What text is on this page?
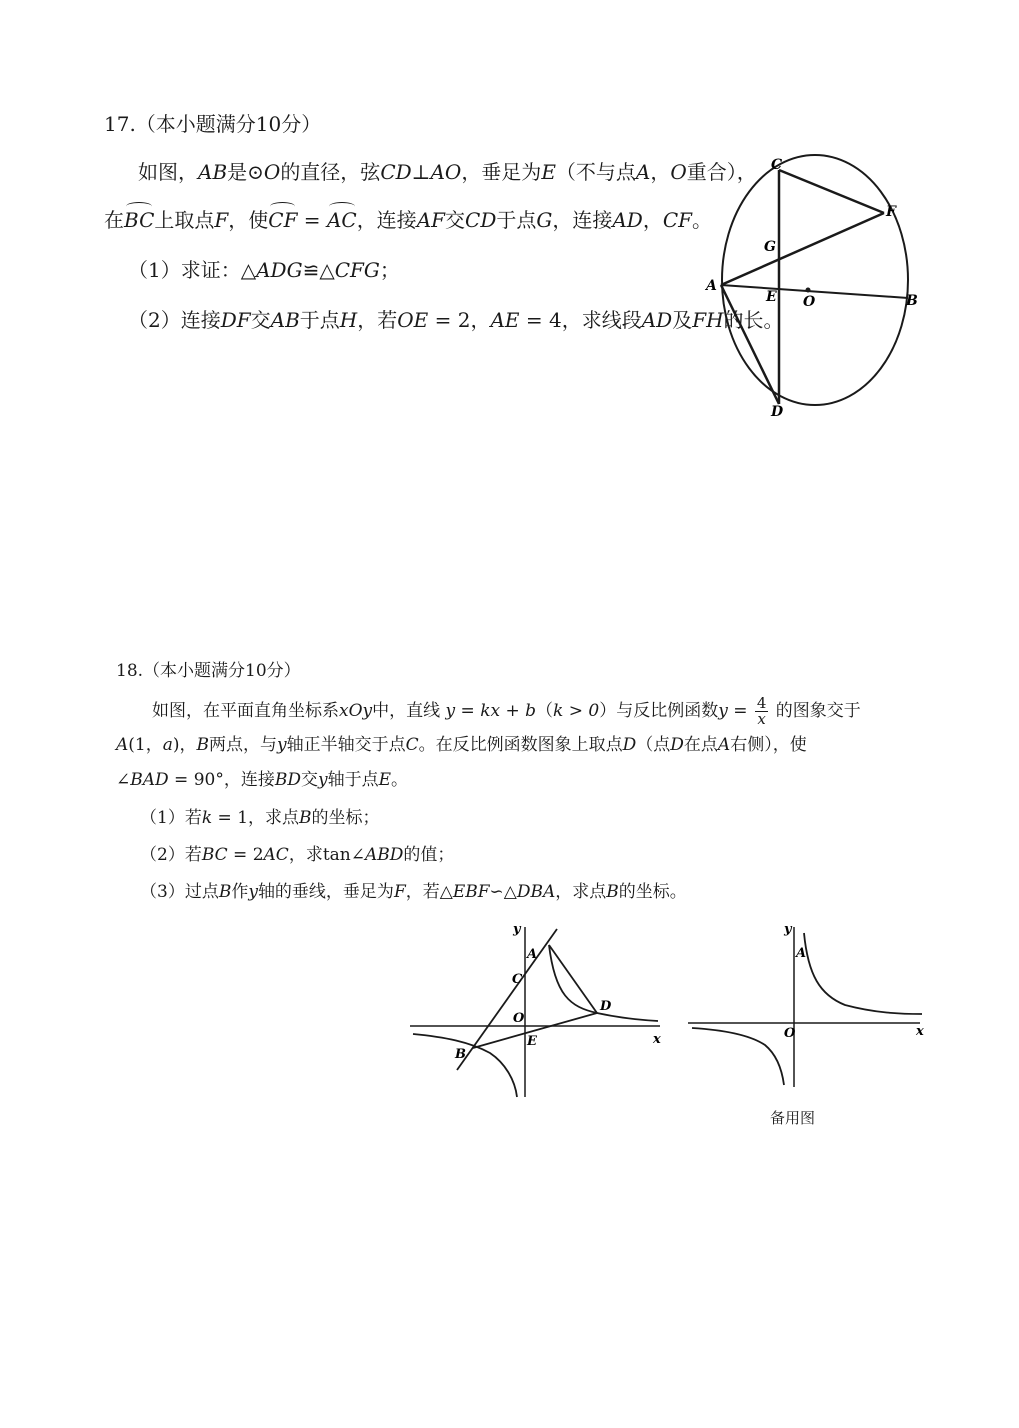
17.（本小题满分10分）
如图，AB是⊙O的直径，弦CD⊥AO，垂足为E（不与点A，O重合），
在BC上取点F，使CF = AC，连接AF交CD于点G，连接AD，CF。
（1）求证：△ADG≌△CFG；
（2）连接DF交AB于点H，若OE = 2，AE = 4，求线段AD及FH的长。
C
F
G
A
E O	B
D
18.（本小题满分10分）
如图，在平面直角坐标系xOy中，直线 y = kx + b（k > 0）与反比例函数$y = \frac{4}{x}$ 的图象交于
A(1，a)，B两点，与y轴正半轴交于点C。在反比例函数图象上取点D（点D在点A右侧），使
∠BAD = 90°，连接BD交y轴于点E。
（1）若k = 1，求点B的坐标；
（2）若BC = 2AC，求tan∠ABD的值；
（3）过点B作y轴的垂线，垂足为F，若△EBF∽△DBA，求点B的坐标。
y
A
C
D
O
E
B
x
y
A
O	x
备用图
